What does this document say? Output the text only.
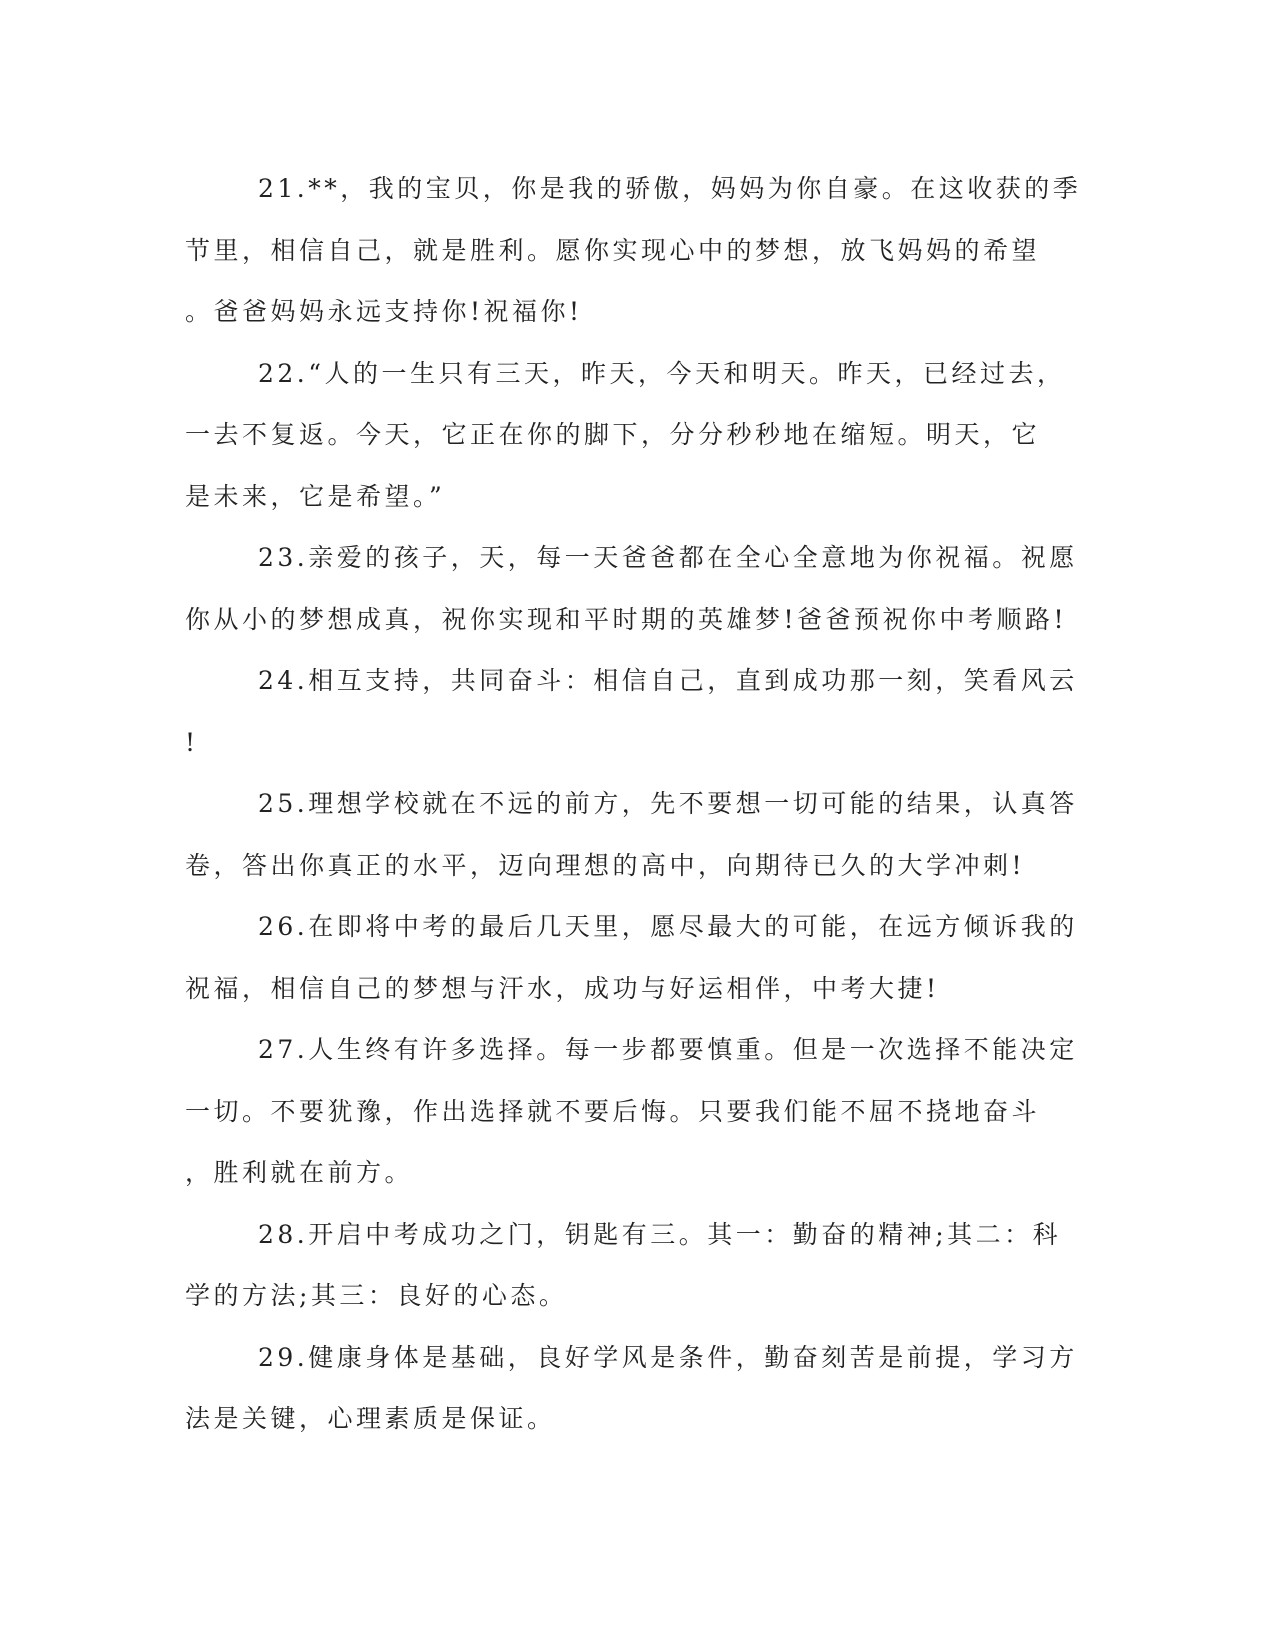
21.**，我的宝贝，你是我的骄傲，妈妈为你自豪。在这收获的季
节里，相信自己，就是胜利。愿你实现心中的梦想，放飞妈妈的希望
。爸爸妈妈永远支持你!祝福你!
22.“人的一生只有三天，昨天，今天和明天。昨天，已经过去，
一去不复返。今天，它正在你的脚下，分分秒秒地在缩短。明天，它
是未来，它是希望。”
23.亲爱的孩子，天，每一天爸爸都在全心全意地为你祝福。祝愿
你从小的梦想成真，祝你实现和平时期的英雄梦!爸爸预祝你中考顺路!
24.相互支持，共同奋斗：相信自己，直到成功那一刻，笑看风云
!
25.理想学校就在不远的前方，先不要想一切可能的结果，认真答
卷，答出你真正的水平，迈向理想的高中，向期待已久的大学冲刺!
26.在即将中考的最后几天里，愿尽最大的可能，在远方倾诉我的
祝福，相信自己的梦想与汗水，成功与好运相伴，中考大捷!
27.人生终有许多选择。每一步都要慎重。但是一次选择不能决定
一切。不要犹豫，作出选择就不要后悔。只要我们能不屈不挠地奋斗
，胜利就在前方。
28.开启中考成功之门，钥匙有三。其一：勤奋的精神;其二：科
学的方法;其三：良好的心态。
29.健康身体是基础，良好学风是条件，勤奋刻苦是前提，学习方
法是关键，心理素质是保证。
